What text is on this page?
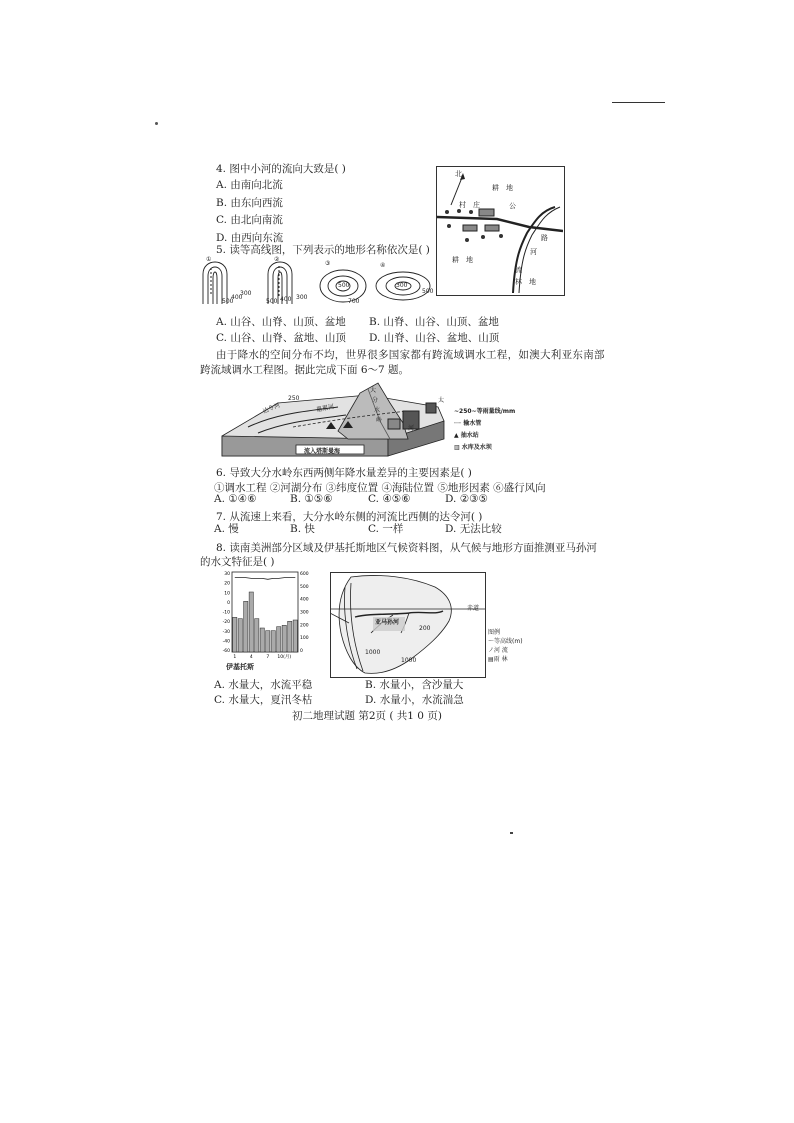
4. 图中小河的流向大致是( )
A. 由南向北流
B. 由东向西流
C. 由北向南流
D. 由西向东流
北
耕　地
村　庄	公
路
河
耕　地
流
林　地
5. 读等高线图，下列表示的地形名称依次是( )
①	②
③	④
500
400
300
500 400 300
700
500	300
500
A. 山谷、山脊、山顶、盆地 B. 山脊、山谷、山顶、盆地
C. 山谷、山脊、盆地、山顶 D. 山脊、山谷、盆地、山顶
由于降水的空间分布不均，世界很多国家都有跨流域调水工程，如澳大利亚东南部
跨流域调水工程图。据此完成下面 6～7 题。
达令河	墨累河
250
大
分
水
岭
河
流入塔斯曼海
太
~250~等雨量线/mm
┄┄ 输水管
▲ 抽水站
▥ 水库及水坝
6. 导致大分水岭东西两侧年降水量差异的主要因素是( )
①调水工程 ②河湖分布 ③纬度位置 ④海陆位置 ⑤地形因素 ⑥盛行风向
A. ①④⑥	B. ①⑤⑥	C. ④⑤⑥	D. ②③⑤
7. 从流速上来看，大分水岭东侧的河流比西侧的达令河( )
A. 慢	B. 快	C. 一样	D. 无法比较
8. 读南美洲部分区域及伊基托斯地区气候资料图，从气候与地形方面推测亚马孙河
的水文特征是( )
30
20
10
0
-10
-20
-30
-40
-60
600
500
400
300
200
100
0
1	4	7 10(月)
伊基托斯
赤道
亚马孙河
200
1000
1000
图例
～等高线(m)
ノ河 流
▤雨 林
A. 水量大，水流平稳	B. 水量小，含沙量大
C. 水量大，夏汛冬枯	D. 水量小，水流湍急
初二地理试题 第2页 ( 共1 0 页)
